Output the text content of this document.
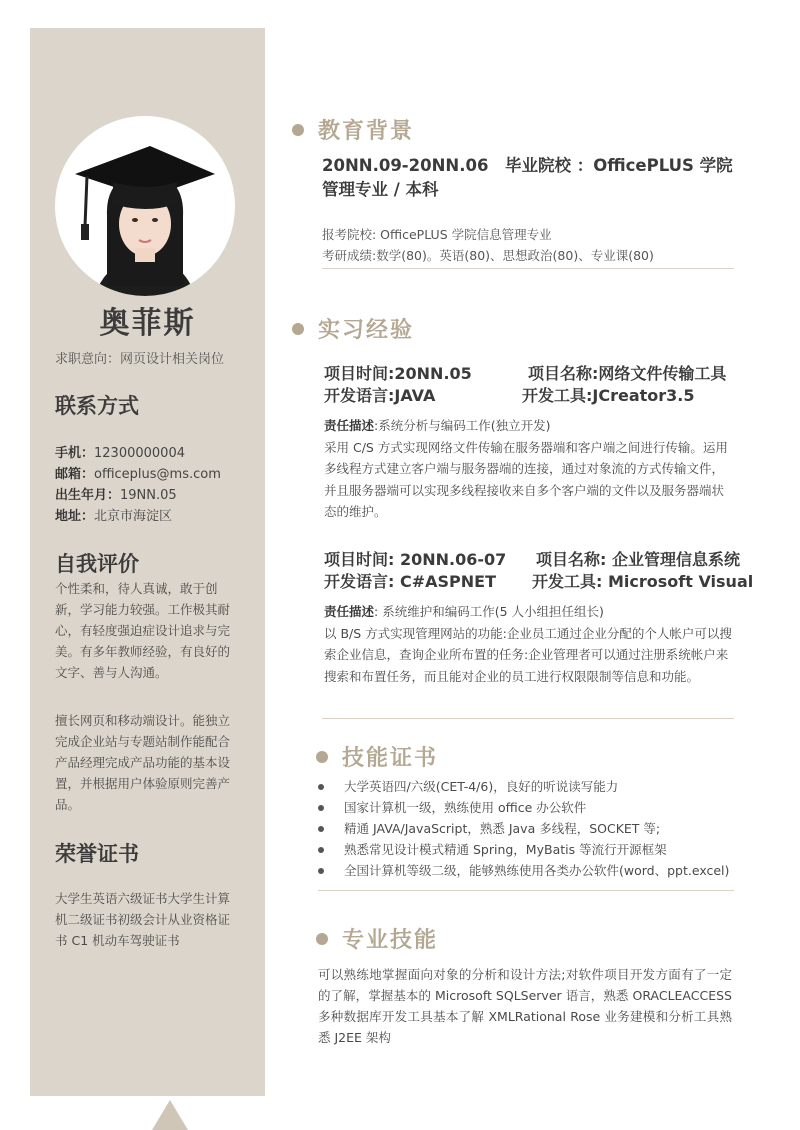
奥菲斯
求职意向：网页设计相关岗位
联系方式
手机：12300000004
邮箱：officeplus@ms.com
出生年月：19NN.05
地址：北京市海淀区
自我评价

个性柔和，待人真诚，敢于创新，学习能力较强。工作极其耐心，有轻度强迫症设计追求与完美。有多年教师经验，有良好的文字、善与人沟通。

擅长网页和移动端设计。能独立完成企业站与专题站制作能配合产品经理完成产品功能的基本设置，并根据用户体验原则完善产品。

荣誉证书

大学生英语六级证书大学生计算机二级证书初级会计从业资格证书 C1 机动车驾驶证书

教育背景
20NN.09-20NN.06　毕业院校 ：OfficePLUS 学院管理专业 / 本科
报考院校: OfficePLUS 学院信息管理专业
考研成绩:数学(80)。英语(80)、思想政治(80)、专业课(80)
实习经验
项目时间:20NN.05	项目名称:网络文件传输工具
开发语言:JAVA	开发工具:JCreator3.5

责任描述:系统分析与编码工作(独立开发)
采用 C/S 方式实现网络文件传输在服务器端和客户端之间进行传输。运用多线程方式建立客户端与服务器端的连接，通过对象流的方式传输文件，并且服务器端可以实现多线程接收来自多个客户端的文件以及服务器端状态的维护。

项目时间: 20NN.06-07 项目名称: 企业管理信息系统
开发语言: C#ASPNET 开发工具: Microsoft Visual

责任描述: 系统维护和编码工作(5 人小组担任组长)
以 B/S 方式实现管理网站的功能:企业员工通过企业分配的个人帐户可以搜索企业信息，查询企业所布置的任务:企业管理者可以通过注册系统帐户来搜索和布置任务，而且能对企业的员工进行权限限制等信息和功能。

技能证书
大学英语四/六级(CET-4/6)，良好的听说读写能力
国家计算机一级，熟练使用 office 办公软件
精通 JAVA/JavaScript，熟悉 Java 多线程，SOCKET 等;
熟悉常见设计模式精通 Spring，MyBatis 等流行开源框架
全国计算机等级二级，能够熟练使用各类办公软件(word、ppt.excel)
专业技能

可以熟练地掌握面向对象的分析和设计方法;对软件项目开发方面有了一定的了解，掌握基本的 Microsoft SQLServer 语言，熟悉 ORACLEACCESS 多种数据库开发工具基本了解 XMLRational Rose 业务建模和分析工具熟悉 J2EE 架构
